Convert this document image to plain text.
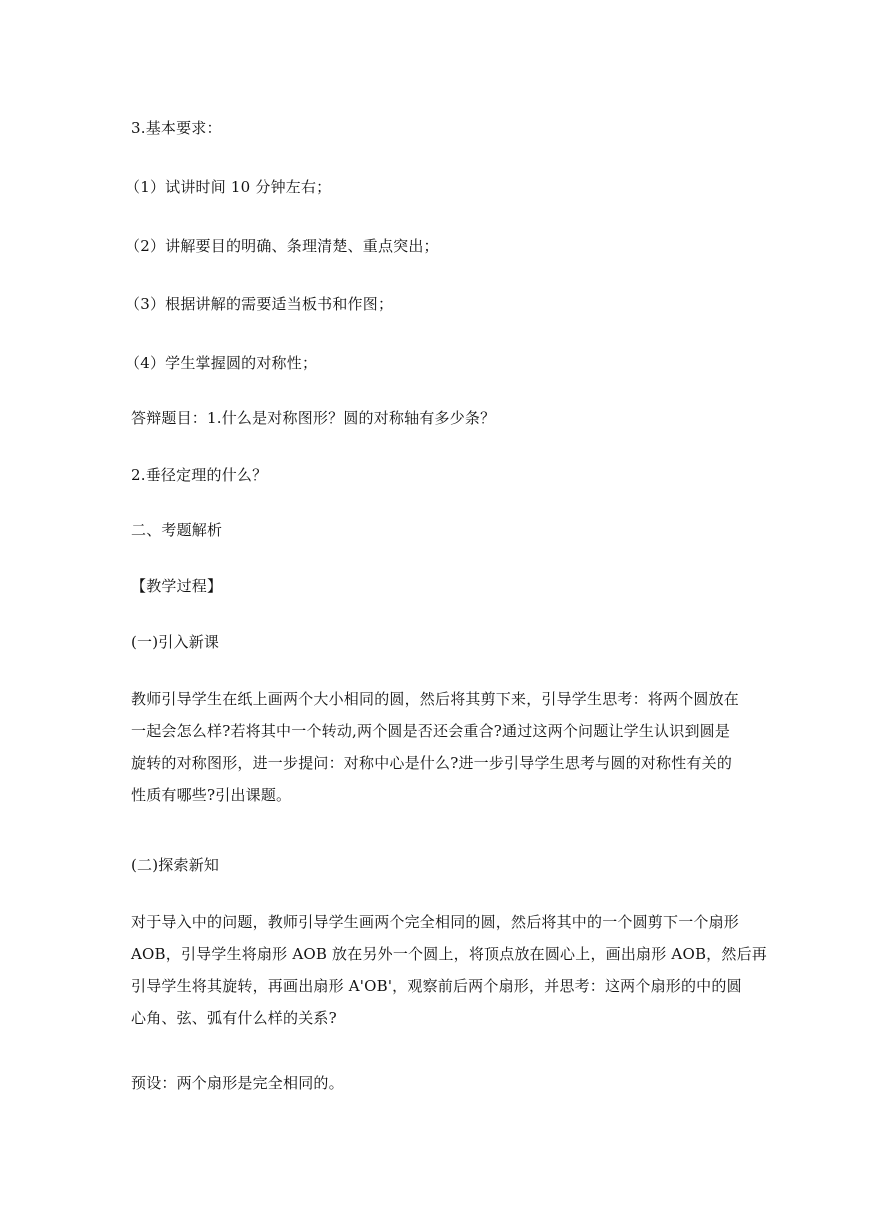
3.基本要求：
（1）试讲时间 10 分钟左右；
（2）讲解要目的明确、条理清楚、重点突出；
（3）根据讲解的需要适当板书和作图；
（4）学生掌握圆的对称性；
答辩题目：1.什么是对称图形？圆的对称轴有多少条？
2.垂径定理的什么？
二、考题解析
【教学过程】
(一)引入新课
教师引导学生在纸上画两个大小相同的圆，然后将其剪下来，引导学生思考：将两个圆放在
一起会怎么样?若将其中一个转动,两个圆是否还会重合?通过这两个问题让学生认识到圆是
旋转的对称图形，进一步提问：对称中心是什么?进一步引导学生思考与圆的对称性有关的
性质有哪些?引出课题。
(二)探索新知
对于导入中的问题，教师引导学生画两个完全相同的圆，然后将其中的一个圆剪下一个扇形
AOB，引导学生将扇形 AOB 放在另外一个圆上，将顶点放在圆心上，画出扇形 AOB，然后再
引导学生将其旋转，再画出扇形 A'OB'，观察前后两个扇形，并思考：这两个扇形的中的圆
心角、弦、弧有什么样的关系?
预设：两个扇形是完全相同的。
